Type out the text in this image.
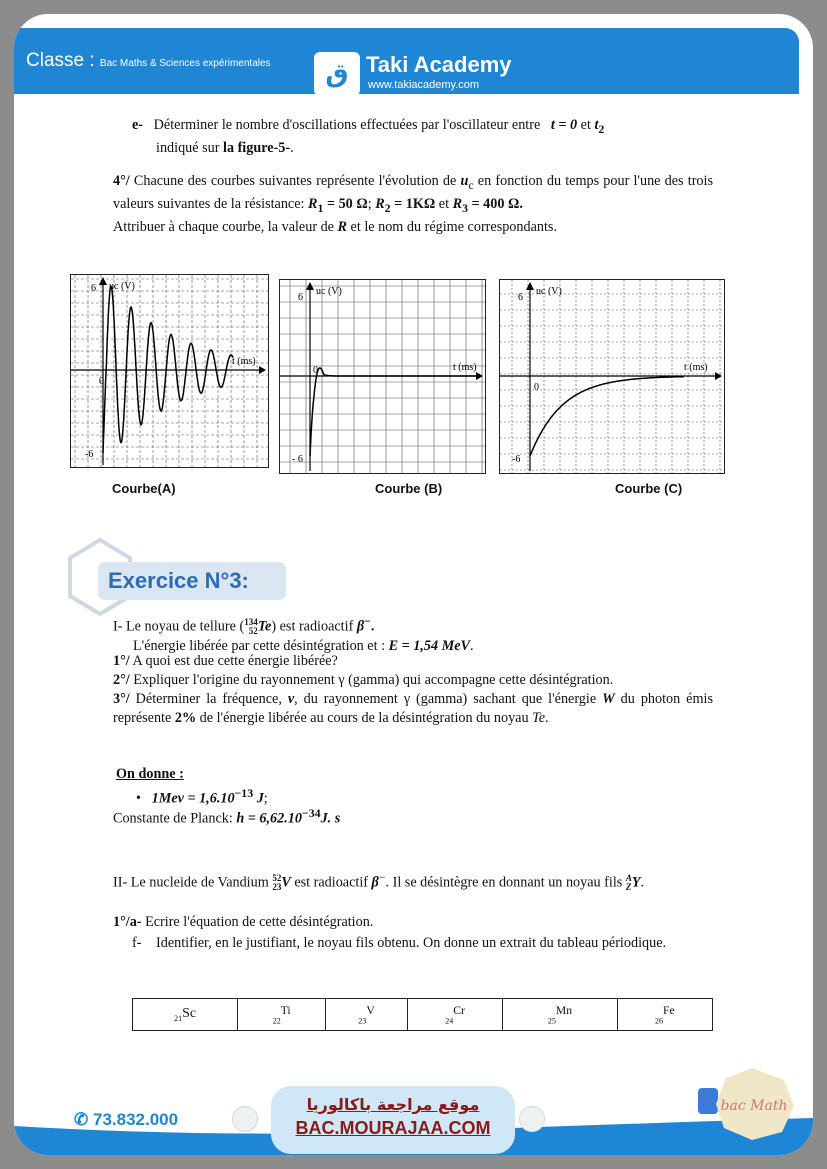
Classe : Bac Maths & Sciences expérimentales	ق Taki Academy
www.takiacademy.com
e- Déterminer le nombre d'oscillations effectuées par l'oscillateur entre t = 0 et $t_2$
indiqué sur la figure-5-.
4°/ Chacune des courbes suivantes représente l'évolution de $u_c$ en fonction du temps pour l'une des trois valeurs suivantes de la résistance: $R_1 = 50$ Ω; $R_2 = 1K\Omega$ et $R_3 = 400$ Ω.
Attribuer à chaque courbe, la valeur de R et le nom du régime correspondants.
uc (V)
t (ms)
6
0
-6
uc (V)
t (ms)
6
0
- 6
uc (V)
t (ms)
6
0
-6
Courbe(A)	Courbe (B)	Courbe (C)
Exercice N°3:
I- Le noyau de tellure (134
52Te) est radioactif β−.
L'énergie libérée par cette désintégration et : E = 1,54 MeV.
1°/ A quoi est due cette énergie libérée?
2°/ Expliquer l'origine du rayonnement γ (gamma) qui accompagne cette désintégration.
3°/ Déterminer la fréquence, ν, du rayonnement γ (gamma) sachant que l'énergie W du photon émis représente 2% de l'énergie libérée au cours de la désintégration du noyau Te.
On donne :
• $1Mev = 1,6.10^{-13}$ J;
Constante de Planck: $h = 6,62.10^{-34}J$. s
II- Le nucleide de Vandium 52
23V est radioactif β−. Il se désintègre en donnant un noyau fils A
ZY.
1°/a- Ecrire l'équation de cette désintégration.
f-	Identifier, en le justifiant, le noyau fils obtenu. On donne un extrait du tableau périodique.
$_{21}$Sc	$_{22}^{Ti}$	$_{23}^V$	$_{24}^{Cr}$	$_{25}^{Mn}$	$_{26}^{Fe}$
✆ 73.832.000
موقع مراجعة باكالوريا
BAC.MOURAJAA.COM
bac Math
